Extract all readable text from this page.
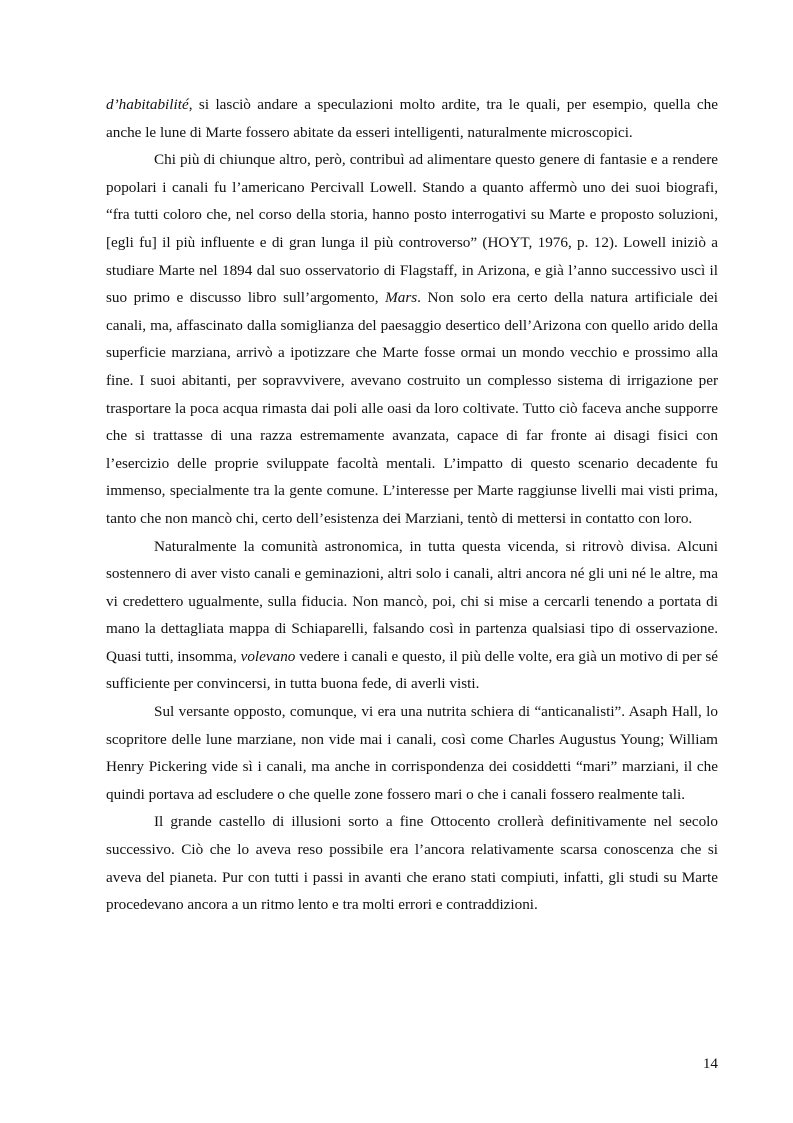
d’habitabilité, si lasciò andare a speculazioni molto ardite, tra le quali, per esempio, quella che anche le lune di Marte fossero abitate da esseri intelligenti, naturalmente microscopici.

Chi più di chiunque altro, però, contribuì ad alimentare questo genere di fantasie e a rendere popolari i canali fu l’americano Percivall Lowell. Stando a quanto affermò uno dei suoi biografi, “fra tutti coloro che, nel corso della storia, hanno posto interrogativi su Marte e proposto soluzioni, [egli fu] il più influente e di gran lunga il più controverso” (HOYT, 1976, p. 12). Lowell iniziò a studiare Marte nel 1894 dal suo osservatorio di Flagstaff, in Arizona, e già l’anno successivo uscì il suo primo e discusso libro sull’argomento, Mars. Non solo era certo della natura artificiale dei canali, ma, affascinato dalla somiglianza del paesaggio desertico dell’Arizona con quello arido della superficie marziana, arrivò a ipotizzare che Marte fosse ormai un mondo vecchio e prossimo alla fine. I suoi abitanti, per sopravvivere, avevano costruito un complesso sistema di irrigazione per trasportare la poca acqua rimasta dai poli alle oasi da loro coltivate. Tutto ciò faceva anche supporre che si trattasse di una razza estremamente avanzata, capace di far fronte ai disagi fisici con l’esercizio delle proprie sviluppate facoltà mentali. L’impatto di questo scenario decadente fu immenso, specialmente tra la gente comune. L’interesse per Marte raggiunse livelli mai visti prima, tanto che non mancò chi, certo dell’esistenza dei Marziani, tentò di mettersi in contatto con loro.

Naturalmente la comunità astronomica, in tutta questa vicenda, si ritrovò divisa. Alcuni sostennero di aver visto canali e geminazioni, altri solo i canali, altri ancora né gli uni né le altre, ma vi credettero ugualmente, sulla fiducia. Non mancò, poi, chi si mise a cercarli tenendo a portata di mano la dettagliata mappa di Schiaparelli, falsando così in partenza qualsiasi tipo di osservazione. Quasi tutti, insomma, volevano vedere i canali e questo, il più delle volte, era già un motivo di per sé sufficiente per convincersi, in tutta buona fede, di averli visti.

Sul versante opposto, comunque, vi era una nutrita schiera di “anticanalisti”. Asaph Hall, lo scopritore delle lune marziane, non vide mai i canali, così come Charles Augustus Young; William Henry Pickering vide sì i canali, ma anche in corrispondenza dei cosiddetti “mari” marziani, il che quindi portava ad escludere o che quelle zone fossero mari o che i canali fossero realmente tali.

Il grande castello di illusioni sorto a fine Ottocento crollerà definitivamente nel secolo successivo. Ciò che lo aveva reso possibile era l’ancora relativamente scarsa conoscenza che si aveva del pianeta. Pur con tutti i passi in avanti che erano stati compiuti, infatti, gli studi su Marte procedevano ancora a un ritmo lento e tra molti errori e contraddizioni.

14
